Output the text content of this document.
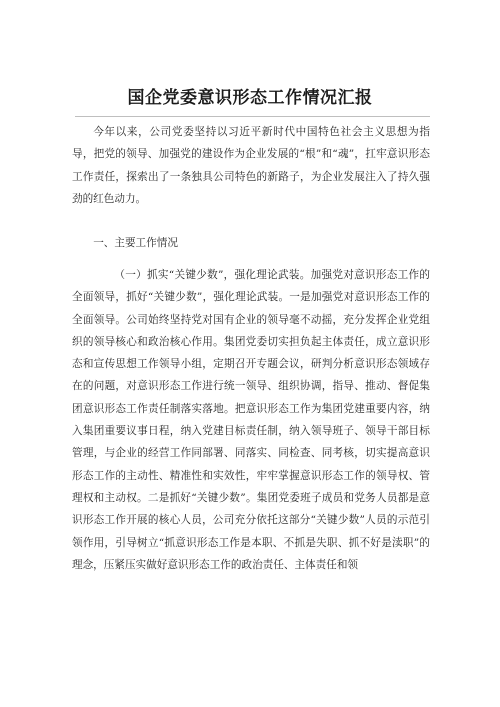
国企党委意识形态工作情况汇报

今年以来，公司党委坚持以习近平新时代中国特色社会主义思想为指导，把党的领导、加强党的建设作为企业发展的“根”和“魂”，扛牢意识形态工作责任，探索出了一条独具公司特色的新路子，为企业发展注入了持久强劲的红色动力。

一、主要工作情况

（一）抓实“关键少数”，强化理论武装。加强党对意识形态工作的全面领导，抓好“关键少数”，强化理论武装。一是加强党对意识形态工作的全面领导。公司始终坚持党对国有企业的领导毫不动摇，充分发挥企业党组织的领导核心和政治核心作用。集团党委切实担负起主体责任，成立意识形态和宣传思想工作领导小组，定期召开专题会议，研判分析意识形态领域存在的问题，对意识形态工作进行统一领导、组织协调，指导、推动、督促集团意识形态工作责任制落实落地。把意识形态工作为集团党建重要内容，纳入集团重要议事日程，纳入党建目标责任制，纳入领导班子、领导干部目标管理，与企业的经营工作同部署、同落实、同检查、同考核，切实提高意识形态工作的主动性、精准性和实效性，牢牢掌握意识形态工作的领导权、管理权和主动权。二是抓好“关键少数”。集团党委班子成员和党务人员都是意识形态工作开展的核心人员，公司充分依托这部分“关键少数”人员的示范引领作用，引导树立“抓意识形态工作是本职、不抓是失职、抓不好是渎职”的理念，压紧压实做好意识形态工作的政治责任、主体责任和领
